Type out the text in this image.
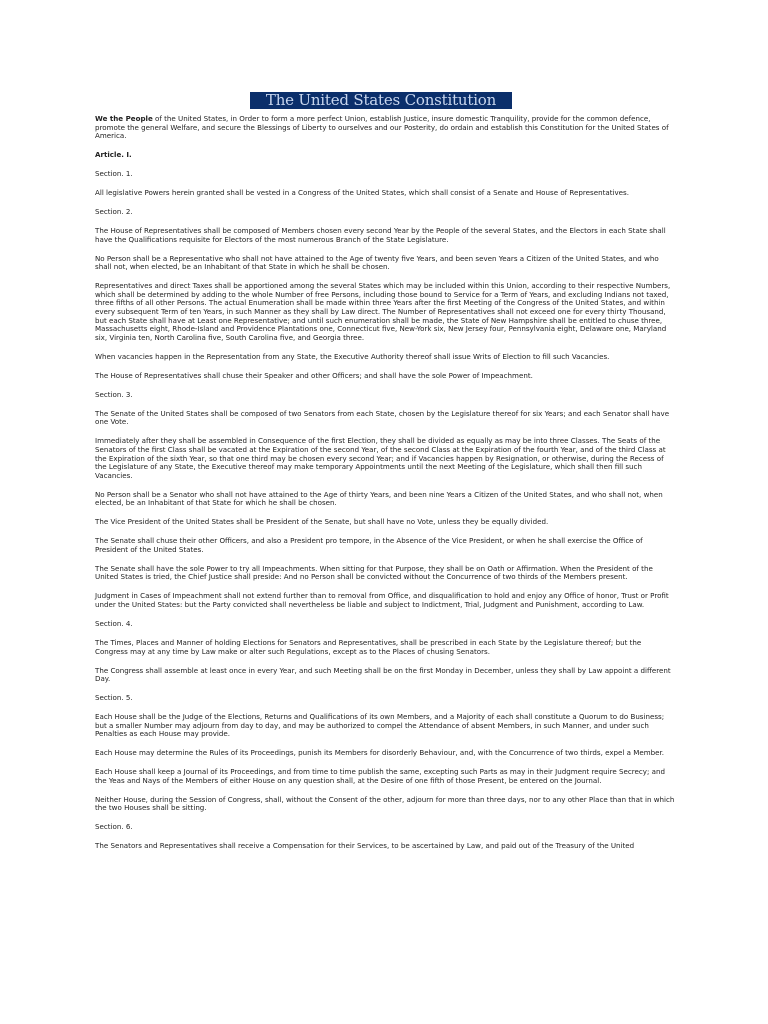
The United States Constitution

We the People of the United States, in Order to form a more perfect Union, establish Justice, insure domestic Tranquility, provide for the common defence, promote the general Welfare, and secure the Blessings of Liberty to ourselves and our Posterity, do ordain and establish this Constitution for the United States of America.

Article. I.

Section. 1.

All legislative Powers herein granted shall be vested in a Congress of the United States, which shall consist of a Senate and House of Representatives.

Section. 2.

The House of Representatives shall be composed of Members chosen every second Year by the People of the several States, and the Electors in each State shall have the Qualifications requisite for Electors of the most numerous Branch of the State Legislature.

No Person shall be a Representative who shall not have attained to the Age of twenty five Years, and been seven Years a Citizen of the United States, and who shall not, when elected, be an Inhabitant of that State in which he shall be chosen.

Representatives and direct Taxes shall be apportioned among the several States which may be included within this Union, according to their respective Numbers, which shall be determined by adding to the whole Number of free Persons, including those bound to Service for a Term of Years, and excluding Indians not taxed, three fifths of all other Persons. The actual Enumeration shall be made within three Years after the first Meeting of the Congress of the United States, and within every subsequent Term of ten Years, in such Manner as they shall by Law direct. The Number of Representatives shall not exceed one for every thirty Thousand, but each State shall have at Least one Representative; and until such enumeration shall be made, the State of New Hampshire shall be entitled to chuse three, Massachusetts eight, Rhode-Island and Providence Plantations one, Connecticut five, New-York six, New Jersey four, Pennsylvania eight, Delaware one, Maryland six, Virginia ten, North Carolina five, South Carolina five, and Georgia three.

When vacancies happen in the Representation from any State, the Executive Authority thereof shall issue Writs of Election to fill such Vacancies.

The House of Representatives shall chuse their Speaker and other Officers; and shall have the sole Power of Impeachment.

Section. 3.

The Senate of the United States shall be composed of two Senators from each State, chosen by the Legislature thereof for six Years; and each Senator shall have one Vote.

Immediately after they shall be assembled in Consequence of the first Election, they shall be divided as equally as may be into three Classes. The Seats of the Senators of the first Class shall be vacated at the Expiration of the second Year, of the second Class at the Expiration of the fourth Year, and of the third Class at the Expiration of the sixth Year, so that one third may be chosen every second Year; and if Vacancies happen by Resignation, or otherwise, during the Recess of the Legislature of any State, the Executive thereof may make temporary Appointments until the next Meeting of the Legislature, which shall then fill such Vacancies.

No Person shall be a Senator who shall not have attained to the Age of thirty Years, and been nine Years a Citizen of the United States, and who shall not, when elected, be an Inhabitant of that State for which he shall be chosen.

The Vice President of the United States shall be President of the Senate, but shall have no Vote, unless they be equally divided.

The Senate shall chuse their other Officers, and also a President pro tempore, in the Absence of the Vice President, or when he shall exercise the Office of President of the United States.

The Senate shall have the sole Power to try all Impeachments. When sitting for that Purpose, they shall be on Oath or Affirmation. When the President of the United States is tried, the Chief Justice shall preside: And no Person shall be convicted without the Concurrence of two thirds of the Members present.

Judgment in Cases of Impeachment shall not extend further than to removal from Office, and disqualification to hold and enjoy any Office of honor, Trust or Profit under the United States: but the Party convicted shall nevertheless be liable and subject to Indictment, Trial, Judgment and Punishment, according to Law.

Section. 4.

The Times, Places and Manner of holding Elections for Senators and Representatives, shall be prescribed in each State by the Legislature thereof; but the Congress may at any time by Law make or alter such Regulations, except as to the Places of chusing Senators.

The Congress shall assemble at least once in every Year, and such Meeting shall be on the first Monday in December, unless they shall by Law appoint a different Day.

Section. 5.

Each House shall be the Judge of the Elections, Returns and Qualifications of its own Members, and a Majority of each shall constitute a Quorum to do Business; but a smaller Number may adjourn from day to day, and may be authorized to compel the Attendance of absent Members, in such Manner, and under such Penalties as each House may provide.

Each House may determine the Rules of its Proceedings, punish its Members for disorderly Behaviour, and, with the Concurrence of two thirds, expel a Member.

Each House shall keep a Journal of its Proceedings, and from time to time publish the same, excepting such Parts as may in their Judgment require Secrecy; and the Yeas and Nays of the Members of either House on any question shall, at the Desire of one fifth of those Present, be entered on the Journal.

Neither House, during the Session of Congress, shall, without the Consent of the other, adjourn for more than three days, nor to any other Place than that in which the two Houses shall be sitting.

Section. 6.

The Senators and Representatives shall receive a Compensation for their Services, to be ascertained by Law, and paid out of the Treasury of the United
